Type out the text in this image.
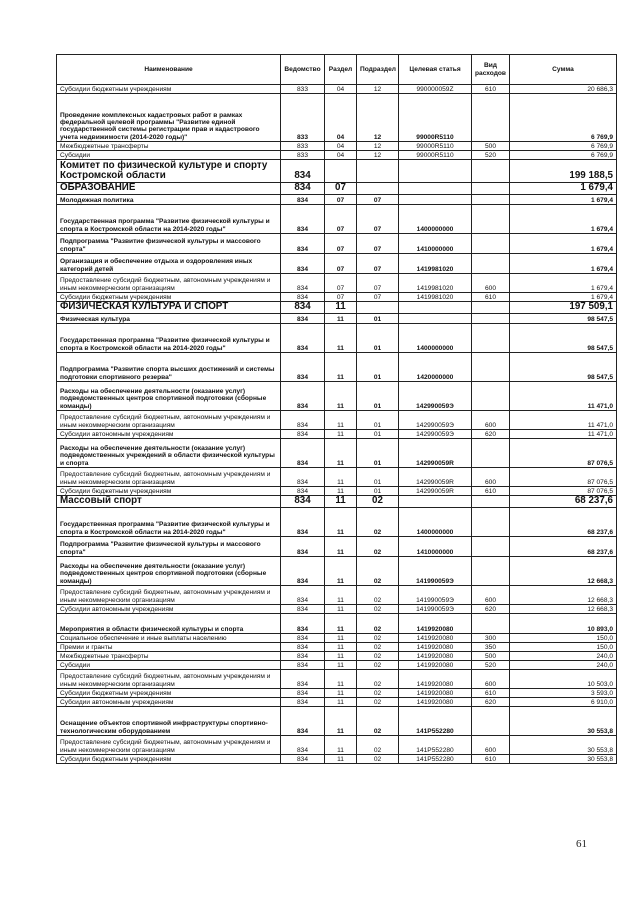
Наименование	Ведомство	Раздел	Подраздел	Целевая статья	Вид расходов	Сумма
Субсидии бюджетным учреждениям	833	04	12	990000059Z	610	20 686,3
Проведение комплексных кадастровых работ в рамках федеральной целевой программы "Развитие единой государственной системы регистрации прав и кадастрового учета недвижимости (2014-2020 годы)"	833	04	12	99000R5110		6 769,9
Межбюджетные трансферты	833	04	12	99000R5110	500	6 769,9
Субсидии	833	04	12	99000R5110	520	6 769,9
Комитет по физической культуре и спорту Костромской области	834					199 188,5
ОБРАЗОВАНИЕ	834	07				1 679,4
Молодежная политика	834	07	07			1 679,4
Государственная программа "Развитие физической культуры и спорта в Костромской области на 2014-2020 годы"	834	07	07	1400000000		1 679,4
Подпрограмма "Развитие физической культуры и массового спорта"	834	07	07	1410000000		1 679,4
Организация и обеспечение отдыха и оздоровления иных категорий детей	834	07	07	1419981020		1 679,4
Предоставление субсидий бюджетным, автономным учреждениям и иным некоммерческим организациям	834	07	07	1419981020	600	1 679,4
Субсидии бюджетным учреждениям	834	07	07	1419981020	610	1 679,4
ФИЗИЧЕСКАЯ КУЛЬТУРА И СПОРТ	834	11				197 509,1
Физическая культура	834	11	01			98 547,5
Государственная программа "Развитие физической культуры и спорта в Костромской области на 2014-2020 годы"	834	11	01	1400000000		98 547,5
Подпрограмма "Развитие спорта высших достижений и системы подготовки спортивного резерва"	834	11	01	1420000000		98 547,5
Расходы на обеспечение деятельности (оказание услуг) подведомственных центров спортивной подготовки (сборные команды)	834	11	01	142990059Э		11 471,0
Предоставление субсидий бюджетным, автономным учреждениям и иным некоммерческим организациям	834	11	01	142990059Э	600	11 471,0
Субсидии автономным учреждениям	834	11	01	142990059Э	620	11 471,0
Расходы на обеспечение деятельности (оказание услуг) подведомственных учреждений в области физической культуры и спорта	834	11	01	142990059R		87 076,5
Предоставление субсидий бюджетным, автономным учреждениям и иным некоммерческим организациям	834	11	01	142990059R	600	87 076,5
Субсидии бюджетным учреждениям	834	11	01	142990059R	610	87 076,5
Массовый спорт	834	11	02			68 237,6
Государственная программа "Развитие физической культуры и спорта в Костромской области на 2014-2020 годы"	834	11	02	1400000000		68 237,6
Подпрограмма "Развитие физической культуры и массового спорта"	834	11	02	1410000000		68 237,6
Расходы на обеспечение деятельности (оказание услуг) подведомственных центров спортивной подготовки (сборные команды)	834	11	02	141990059Э		12 668,3
Предоставление субсидий бюджетным, автономным учреждениям и иным некоммерческим организациям	834	11	02	141990059Э	600	12 668,3
Субсидии автономным учреждениям	834	11	02	141990059Э	620	12 668,3
Мероприятия в области физической культуры и спорта	834	11	02	1419920080		10 893,0
Социальное обеспечение и иные выплаты населению	834	11	02	1419920080	300	150,0
Премии и гранты	834	11	02	1419920080	350	150,0
Межбюджетные трансферты	834	11	02	1419920080	500	240,0
Субсидии	834	11	02	1419920080	520	240,0
Предоставление субсидий бюджетным, автономным учреждениям и иным некоммерческим организациям	834	11	02	1419920080	600	10 503,0
Субсидии бюджетным учреждениям	834	11	02	1419920080	610	3 593,0
Субсидии автономным учреждениям	834	11	02	1419920080	620	6 910,0
Оснащение объектов спортивной инфраструктуры спортивно-технологическим оборудованием	834	11	02	141P552280		30 553,8
Предоставление субсидий бюджетным, автономным учреждениям и иным некоммерческим организациям	834	11	02	141P552280	600	30 553,8
Субсидии бюджетным учреждениям	834	11	02	141P552280	610	30 553,8
61
